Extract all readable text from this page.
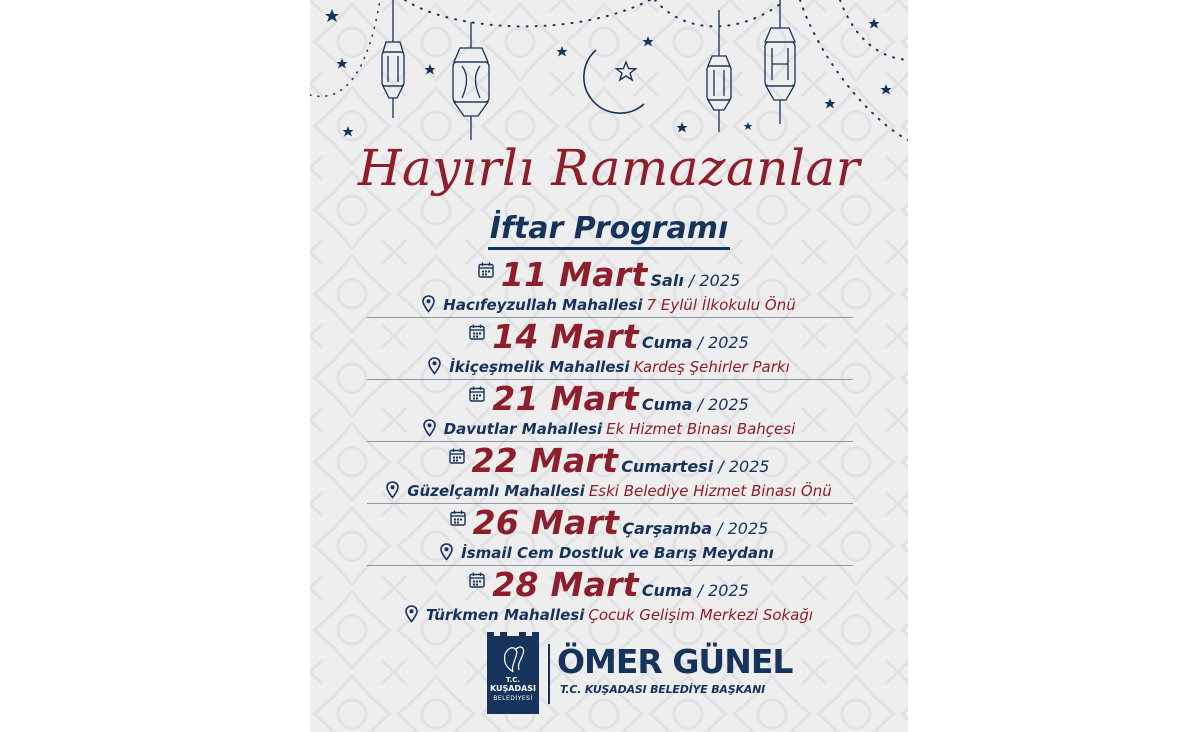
Hayırlı Ramazanlar
İftar Programı
11 Mart Salı / 2025
Hacıfeyzullah Mahallesi 7 Eylül İlkokulu Önü
14 Mart Cuma / 2025
İkiçeşmelik Mahallesi Kardeş Şehirler Parkı
21 Mart Cuma / 2025
Davutlar Mahallesi Ek Hizmet Binası Bahçesi
22 Mart Cumartesi / 2025
Güzelçamlı Mahallesi Eski Belediye Hizmet Binası Önü
26 Mart Çarşamba / 2025
İsmail Cem Dostluk ve Barış Meydanı
28 Mart Cuma / 2025
Türkmen Mahallesi Çocuk Gelişim Merkezi Sokağı
T.C.
KUŞADASI
BELEDİYESİ
ÖMER GÜNEL
T.C. KUŞADASI BELEDİYE BAŞKANI
